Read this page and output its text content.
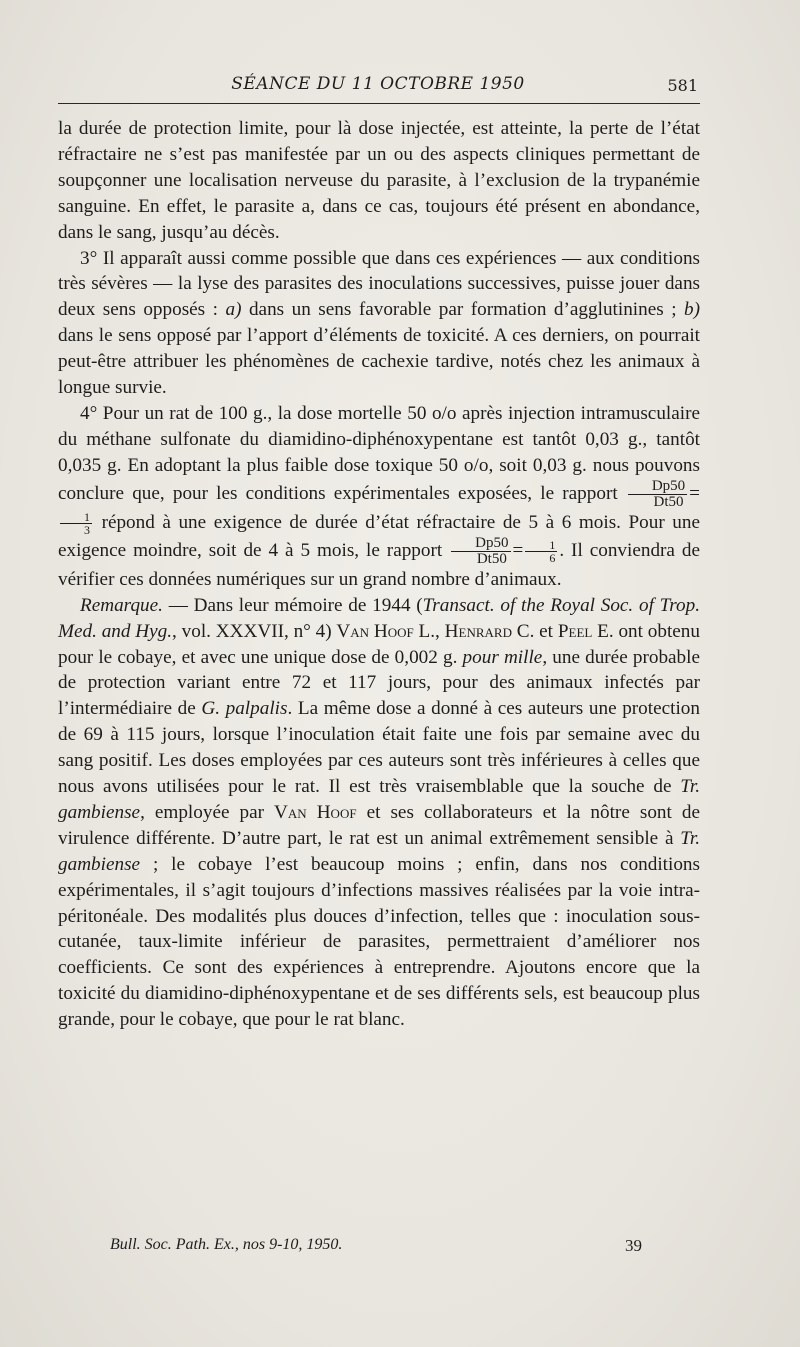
SÉANCE DU 11 OCTOBRE 1950	581

la durée de protection limite, pour là dose injectée, est atteinte, la perte de l’état réfractaire ne s’est pas manifestée par un ou des aspects cliniques permettant de soupçonner une localisation nerveuse du parasite, à l’exclusion de la trypanémie sanguine. En effet, le parasite a, dans ce cas, toujours été présent en abondance, dans le sang, jusqu’au décès.

3° Il apparaît aussi comme possible que dans ces expériences — aux conditions très sévères — la lyse des parasites des inoculations successives, puisse jouer dans deux sens opposés : a) dans un sens favorable par formation d’agglutinines ; b) dans le sens opposé par l’apport d’éléments de toxicité. A ces derniers, on pourrait peut-être attribuer les phénomènes de cachexie tardive, notés chez les animaux à longue survie.

4° Pour un rat de 100 g., la dose mortelle 50 o/o après injection intramusculaire du méthane sulfonate du diamidino-diphénoxypentane est tantôt 0,03 g., tantôt 0,035 g. En adoptant la plus faible dose toxique 50 o/o, soit 0,03 g. nous pouvons conclure que, pour les conditions expérimentales exposées, le rapport $\frac{Dp50}{Dt50}$ =
$\frac{1}{3}$ répond à une exigence de durée d’état réfractaire de 5 à 6 mois. Pour une exigence moindre, soit de 4 à 5 mois, le rapport $\frac{Dp50}{Dt50} = \frac{1}{6}$ . Il conviendra de vérifier ces données numériques sur un grand nombre d’animaux.

Remarque. — Dans leur mémoire de 1944 (Transact. of the Royal Soc. of Trop. Med. and Hyg., vol. XXXVII, n° 4) Van Hoof L., Henrard C. et Peel E. ont obtenu pour le cobaye, et avec une unique dose de 0,002 g. pour mille, une durée probable de protection variant entre 72 et 117 jours, pour des animaux infectés par l’intermédiaire de G. palpalis. La même dose a donné à ces auteurs une protection de 69 à 115 jours, lorsque l’inoculation était faite une fois par semaine avec du sang positif. Les doses employées par ces auteurs sont très inférieures à celles que nous avons utilisées pour le rat. Il est très vraisemblable que la souche de Tr. gambiense, employée par Van Hoof et ses collaborateurs et la nôtre sont de virulence différente. D’autre part, le rat est un animal extrêmement sensible à Tr. gambiense ; le cobaye l’est beaucoup moins ; enfin, dans nos conditions expérimentales, il s’agit toujours d’infections massives réalisées par la voie intra-péritonéale. Des modalités plus douces d’infection, telles que : inoculation sous-cutanée, taux-limite inférieur de parasites, permettraient d’améliorer nos coefficients. Ce sont des expériences à entreprendre. Ajoutons encore que la toxicité du diamidino-diphénoxypentane et de ses différents sels, est beaucoup plus grande, pour le cobaye, que pour le rat blanc.

Bull. Soc. Path. Ex., nos 9-10, 1950.	39
